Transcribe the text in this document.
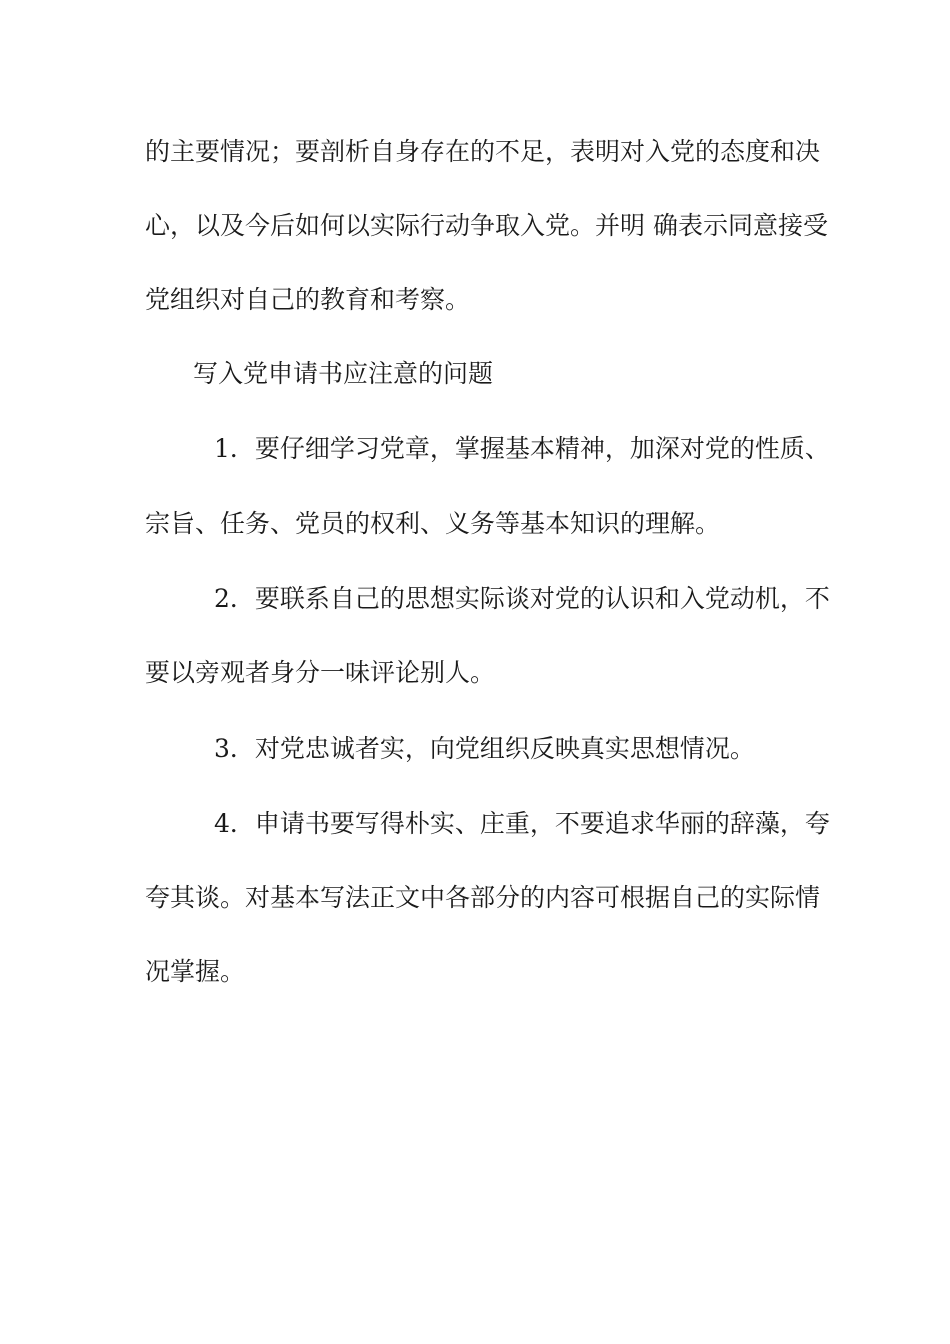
的主要情况；要剖析自身存在的不足，表明对入党的态度和决
心，以及今后如何以实际行动争取入党。并明 确表示同意接受
党组织对自己的教育和考察。
写入党申请书应注意的问题
1．要仔细学习党章，掌握基本精神，加深对党的性质、
宗旨、任务、党员的权利、义务等基本知识的理解。
2．要联系自己的思想实际谈对党的认识和入党动机，不
要以旁观者身分一味评论别人。
3．对党忠诚者实，向党组织反映真实思想情况。
4．申请书要写得朴实、庄重，不要追求华丽的辞藻，夸
夸其谈。对基本写法正文中各部分的内容可根据自己的实际情
况掌握。
